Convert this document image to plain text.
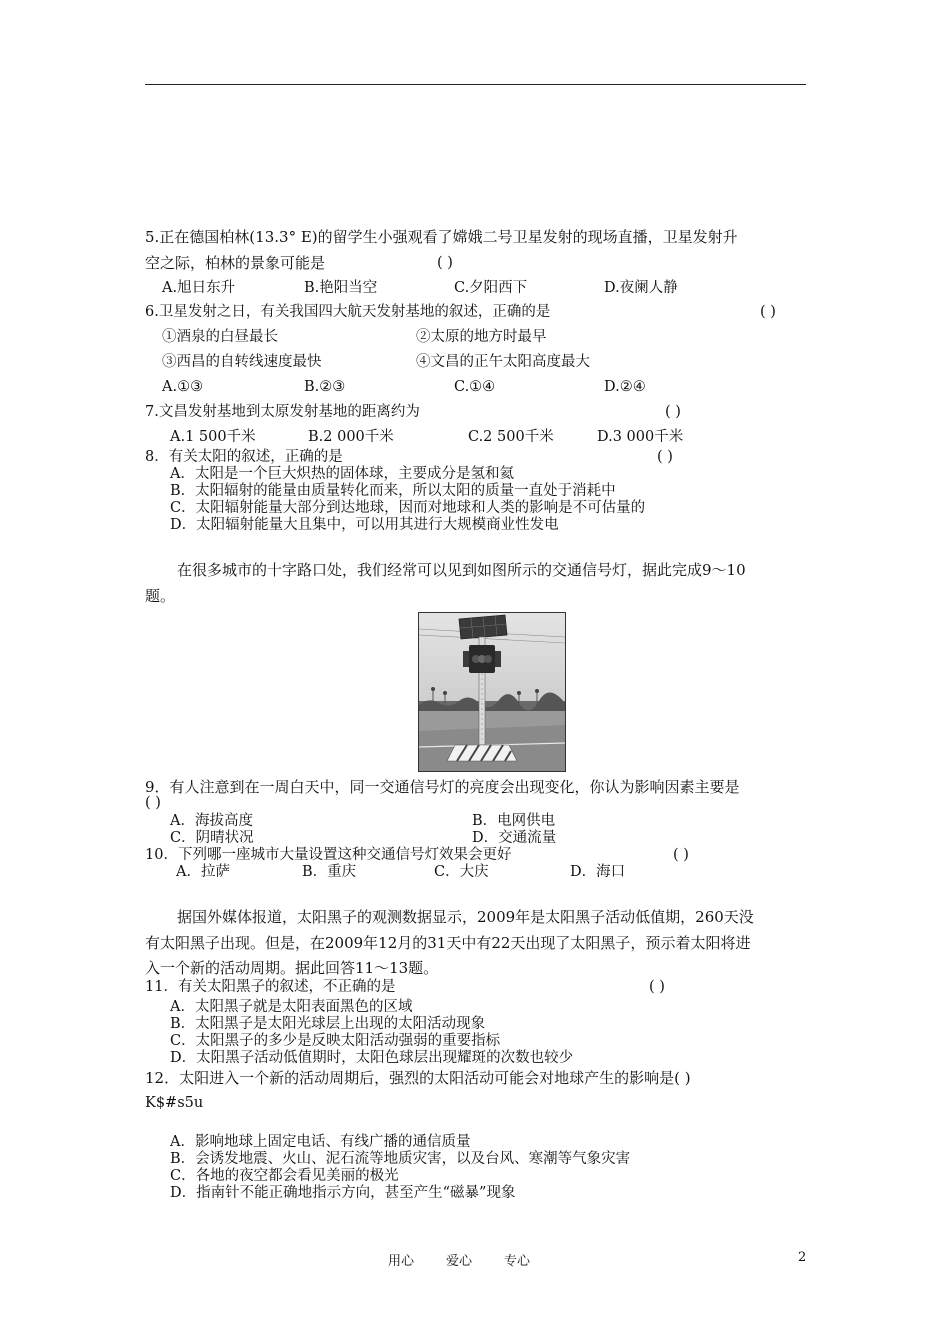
5.正在德国柏林(13.3° E)的留学生小强观看了嫦娥二号卫星发射的现场直播，卫星发射升
空之际，柏林的景象可能是	( )
A.旭日东升	B.艳阳当空	C.夕阳西下	D.夜阑人静
6.卫星发射之日，有关我国四大航天发射基地的叙述，正确的是	( )
①酒泉的白昼最长	②太原的地方时最早
③西昌的自转线速度最快	④文昌的正午太阳高度最大
A.①③	B.②③	C.①④	D.②④
7.文昌发射基地到太原发射基地的距离约为	( )
A.1 500千米	B.2 000千米	C.2 500千米	D.3 000千米
8．有关太阳的叙述，正确的是	( )
A．太阳是一个巨大炽热的固体球，主要成分是氢和氦
B．太阳辐射的能量由质量转化而来，所以太阳的质量一直处于消耗中
C．太阳辐射能量大部分到达地球，因而对地球和人类的影响是不可估量的
D．太阳辐射能量大且集中，可以用其进行大规模商业性发电
在很多城市的十字路口处，我们经常可以见到如图所示的交通信号灯，据此完成9～10
题。
9．有人注意到在一周白天中，同一交通信号灯的亮度会出现变化，你认为影响因素主要是
( )
A．海拔高度	B．电网供电
C．阴晴状况	D．交通流量
10．下列哪一座城市大量设置这种交通信号灯效果会更好	( )
A．拉萨	B．重庆	C．大庆	D．海口
据国外媒体报道，太阳黑子的观测数据显示，2009年是太阳黑子活动低值期，260天没
有太阳黑子出现。但是，在2009年12月的31天中有22天出现了太阳黑子，预示着太阳将进
入一个新的活动周期。据此回答11～13题。
11．有关太阳黑子的叙述，不正确的是	( )
A．太阳黑子就是太阳表面黑色的区域
B．太阳黑子是太阳光球层上出现的太阳活动现象
C．太阳黑子的多少是反映太阳活动强弱的重要指标
D．太阳黑子活动低值期时，太阳色球层出现耀斑的次数也较少
12．太阳进入一个新的活动周期后，强烈的太阳活动可能会对地球产生的影响是( )
K$#s5u
A．影响地球上固定电话、有线广播的通信质量
B．会诱发地震、火山、泥石流等地质灾害，以及台风、寒潮等气象灾害
C．各地的夜空都会看见美丽的极光
D．指南针不能正确地指示方向，甚至产生“磁暴”现象
用心 爱心 专心	2
